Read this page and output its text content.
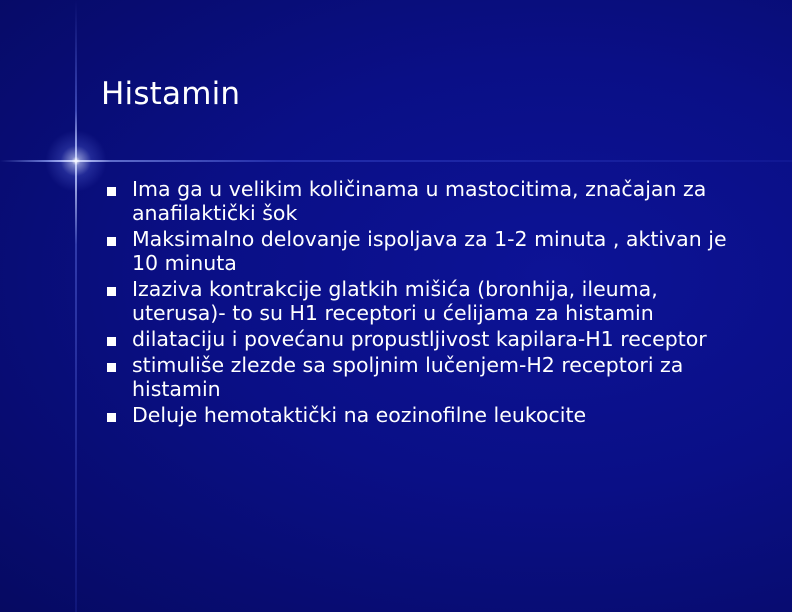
Histamin
Ima ga u velikim količinama u mastocitima, značajan za anafilaktički šok
Maksimalno delovanje ispoljava za 1-2 minuta , aktivan je 10 minuta
Izaziva kontrakcije glatkih mišića (bronhija, ileuma, uterusa)- to su H1 receptori u ćelijama za histamin
dilataciju i povećanu propustljivost kapilara-H1 receptor
stimuliše zlezde sa spoljnim lučenjem-H2 receptori za histamin
Deluje hemotaktički na eozinofilne leukocite
